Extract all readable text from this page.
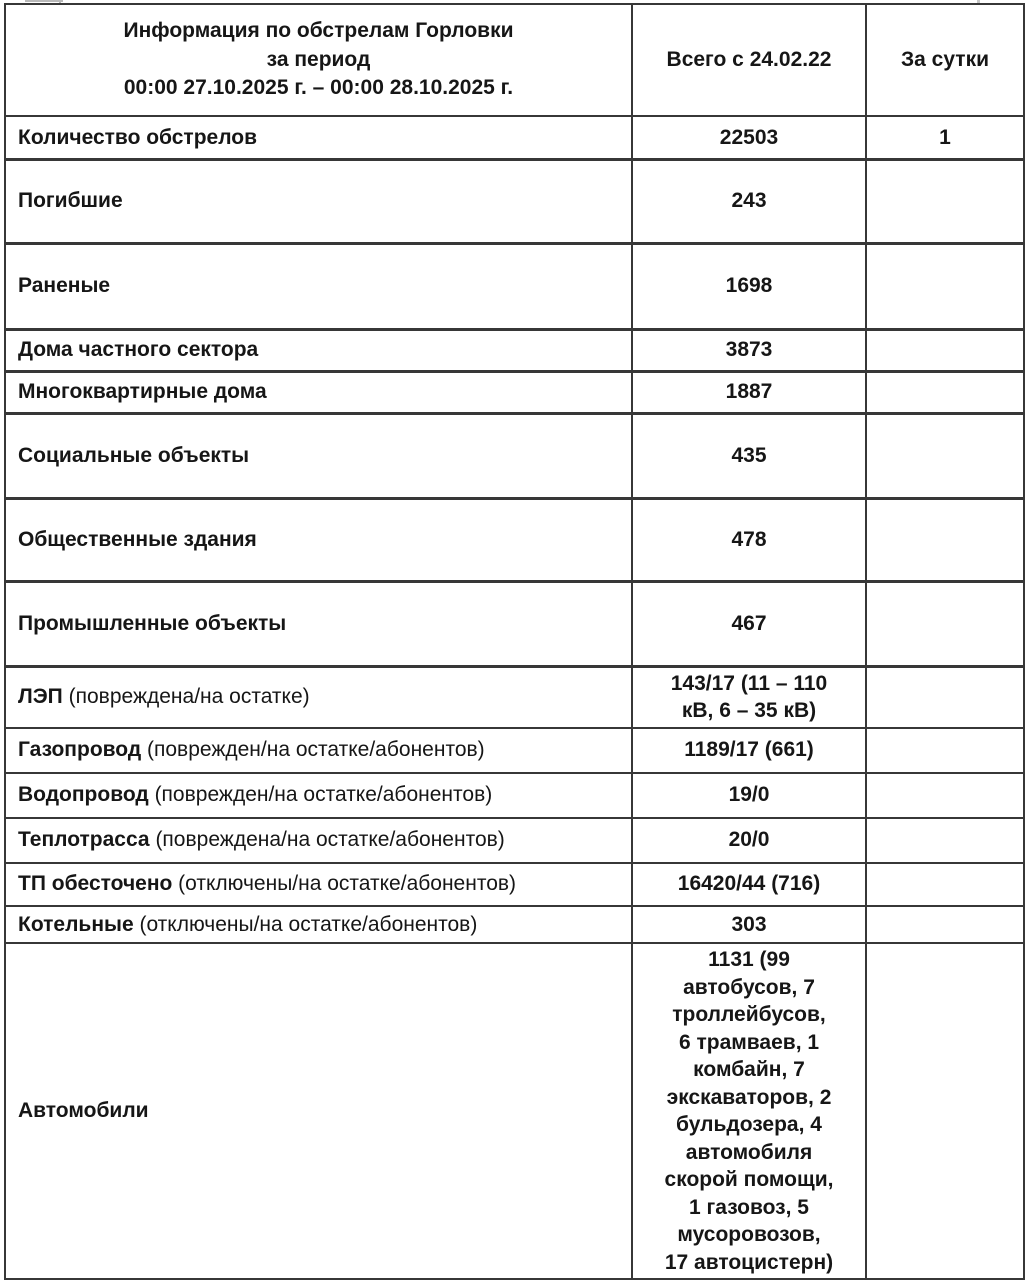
Информация по обстрелам Горловки
за период
00:00 27.10.2025 г. – 00:00 28.10.2025 г.	Всего с 24.02.22	За сутки
Количество обстрелов	22503	1
Погибшие	243	
Раненые	1698	
Дома частного сектора	3873	
Многоквартирные дома	1887	
Социальные объекты	435	
Общественные здания	478	
Промышленные объекты	467	
ЛЭП (повреждена/на остатке)	143/17 (11 – 110 кВ, 6 – 35 кВ)	
Газопровод (поврежден/на остатке/абонентов)	1189/17 (661)	
Водопровод (поврежден/на остатке/абонентов)	19/0	
Теплотрасса (повреждена/на остатке/абонентов)	20/0	
ТП обесточено (отключены/на остатке/абонентов)	16420/44 (716)	
Котельные (отключены/на остатке/абонентов)	303	
Автомобили	1131 (99 автобусов, 7 троллейбусов, 6 трамваев, 1 комбайн, 7 экскаваторов, 2 бульдозера, 4 автомобиля скорой помощи, 1 газовоз, 5 мусоровозов, 17 автоцистерн)	
